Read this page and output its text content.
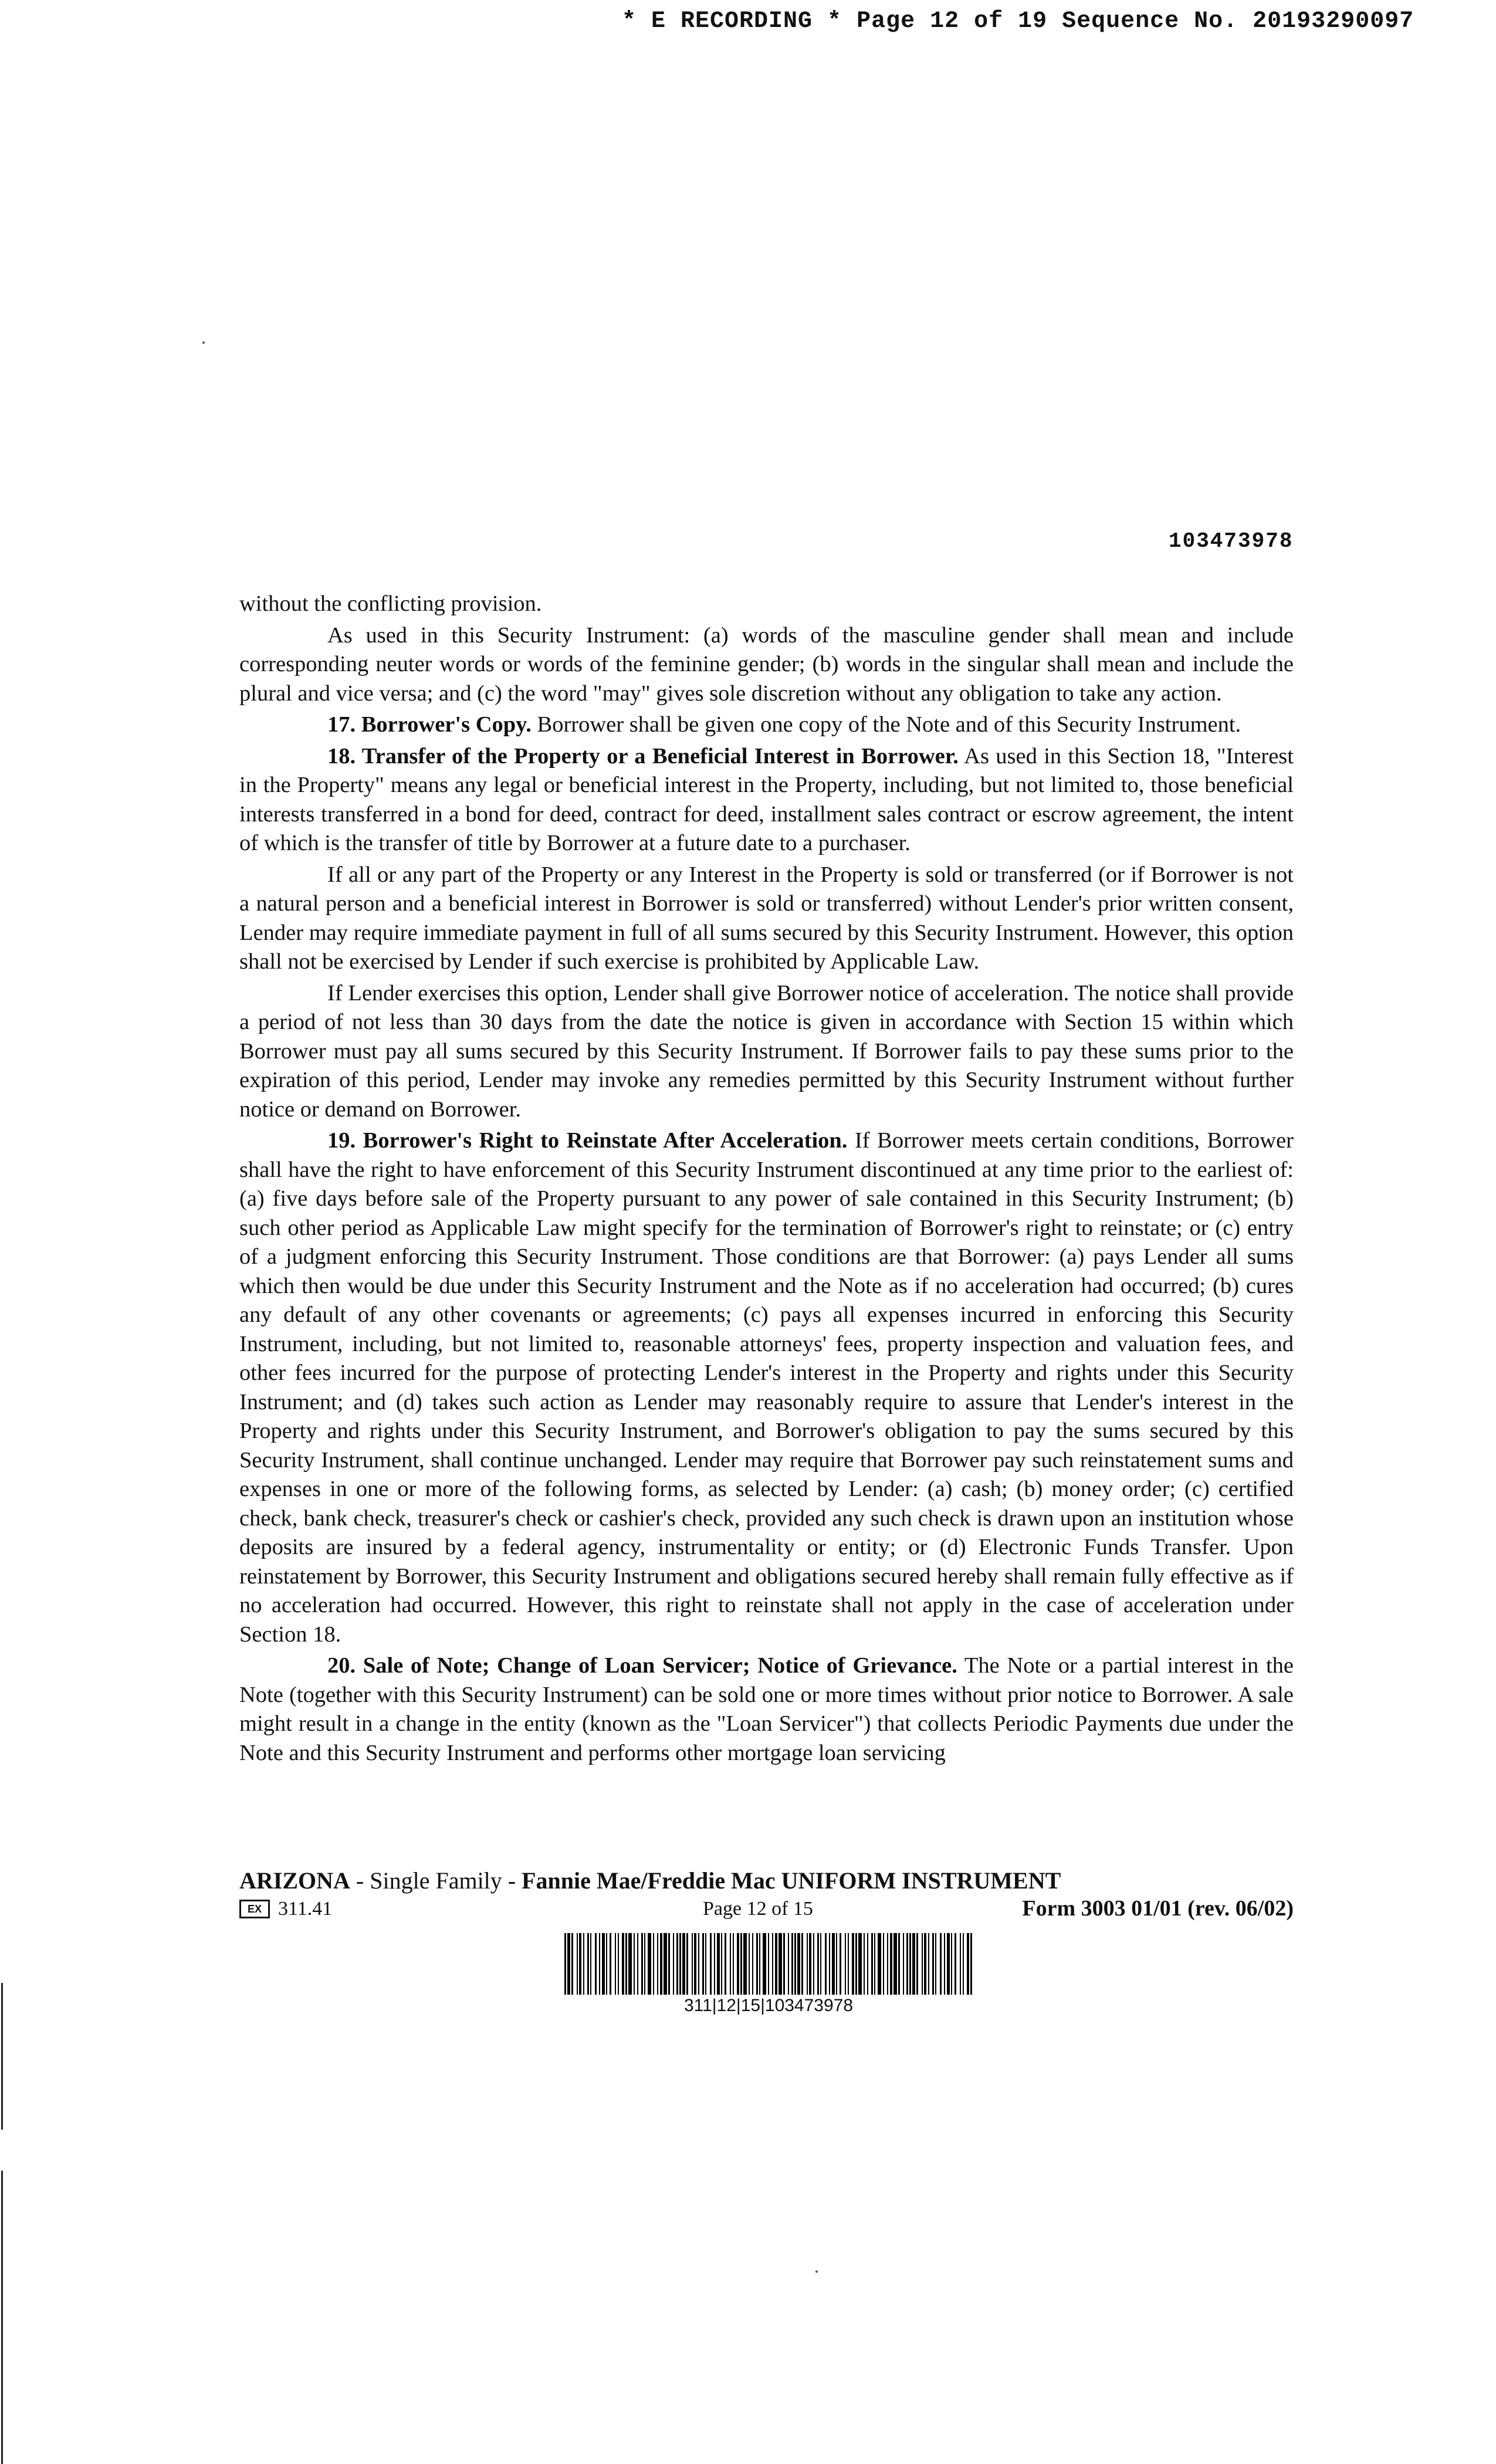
* E RECORDING * Page 12 of 19 Sequence No. 20193290097
103473978

without the conflicting provision.

As used in this Security Instrument: (a) words of the masculine gender shall mean and include corresponding neuter words or words of the feminine gender; (b) words in the singular shall mean and include the plural and vice versa; and (c) the word "may" gives sole discretion without any obligation to take any action.

17. Borrower's Copy. Borrower shall be given one copy of the Note and of this Security Instrument.

18. Transfer of the Property or a Beneficial Interest in Borrower. As used in this Section 18, "Interest in the Property" means any legal or beneficial interest in the Property, including, but not limited to, those beneficial interests transferred in a bond for deed, contract for deed, installment sales contract or escrow agreement, the intent of which is the transfer of title by Borrower at a future date to a purchaser.

If all or any part of the Property or any Interest in the Property is sold or transferred (or if Borrower is not a natural person and a beneficial interest in Borrower is sold or transferred) without Lender's prior written consent, Lender may require immediate payment in full of all sums secured by this Security Instrument. However, this option shall not be exercised by Lender if such exercise is prohibited by Applicable Law.

If Lender exercises this option, Lender shall give Borrower notice of acceleration. The notice shall provide a period of not less than 30 days from the date the notice is given in accordance with Section 15 within which Borrower must pay all sums secured by this Security Instrument. If Borrower fails to pay these sums prior to the expiration of this period, Lender may invoke any remedies permitted by this Security Instrument without further notice or demand on Borrower.

19. Borrower's Right to Reinstate After Acceleration. If Borrower meets certain conditions, Borrower shall have the right to have enforcement of this Security Instrument discontinued at any time prior to the earliest of: (a) five days before sale of the Property pursuant to any power of sale contained in this Security Instrument; (b) such other period as Applicable Law might specify for the termination of Borrower's right to reinstate; or (c) entry of a judgment enforcing this Security Instrument. Those conditions are that Borrower: (a) pays Lender all sums which then would be due under this Security Instrument and the Note as if no acceleration had occurred; (b) cures any default of any other covenants or agreements; (c) pays all expenses incurred in enforcing this Security Instrument, including, but not limited to, reasonable attorneys' fees, property inspection and valuation fees, and other fees incurred for the purpose of protecting Lender's interest in the Property and rights under this Security Instrument; and (d) takes such action as Lender may reasonably require to assure that Lender's interest in the Property and rights under this Security Instrument, and Borrower's obligation to pay the sums secured by this Security Instrument, shall continue unchanged. Lender may require that Borrower pay such reinstatement sums and expenses in one or more of the following forms, as selected by Lender: (a) cash; (b) money order; (c) certified check, bank check, treasurer's check or cashier's check, provided any such check is drawn upon an institution whose deposits are insured by a federal agency, instrumentality or entity; or (d) Electronic Funds Transfer. Upon reinstatement by Borrower, this Security Instrument and obligations secured hereby shall remain fully effective as if no acceleration had occurred. However, this right to reinstate shall not apply in the case of acceleration under Section 18.

20. Sale of Note; Change of Loan Servicer; Notice of Grievance. The Note or a partial interest in the Note (together with this Security Instrument) can be sold one or more times without prior notice to Borrower. A sale might result in a change in the entity (known as the "Loan Servicer") that collects Periodic Payments due under the Note and this Security Instrument and performs other mortgage loan servicing

ARIZONA - Single Family - Fannie Mae/Freddie Mac UNIFORM INSTRUMENT
EX 311.41	Page 12 of 15	Form 3003 01/01 (rev. 06/02)
311|12|15|103473978
